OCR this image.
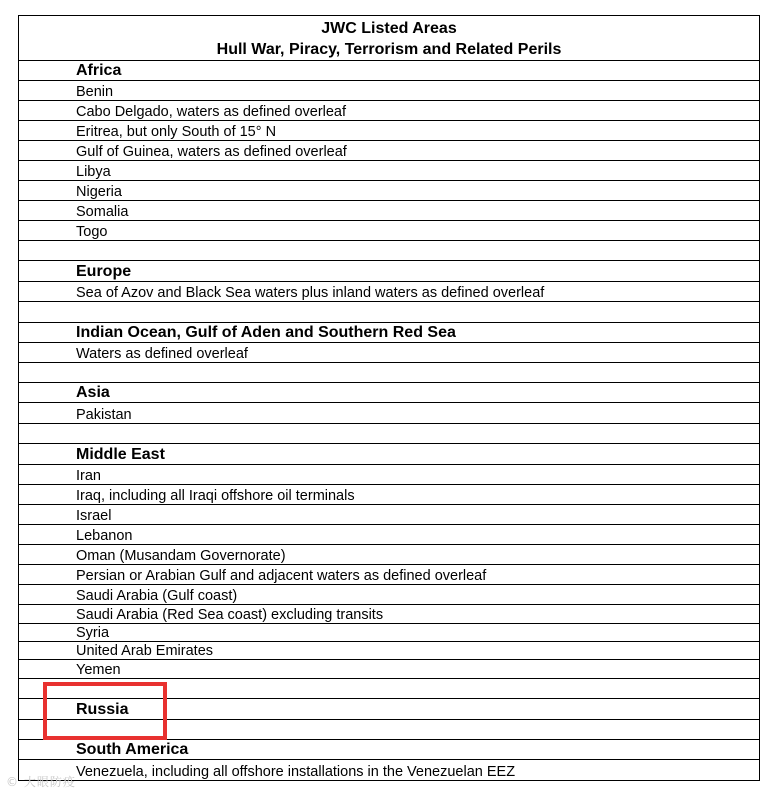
JWC Listed Areas
Hull War, Piracy, Terrorism and Related Perils
Africa
Benin
Cabo Delgado, waters as defined overleaf
Eritrea, but only South of 15° N
Gulf of Guinea, waters as defined overleaf
Libya
Nigeria
Somalia
Togo
Europe
Sea of Azov and Black Sea waters plus inland waters as defined overleaf
Indian Ocean, Gulf of Aden and Southern Red Sea
Waters as defined overleaf
Asia
Pakistan
Middle East
Iran
Iraq, including all Iraqi offshore oil terminals
Israel
Lebanon
Oman (Musandam Governorate)
Persian or Arabian Gulf and adjacent waters as defined overleaf
Saudi Arabia (Gulf coast)
Saudi Arabia (Red Sea coast) excluding transits
Syria
United Arab Emirates
Yemen
Russia
South America
Venezuela, including all offshore installations in the Venezuelan EEZ
© 大眼防疫
